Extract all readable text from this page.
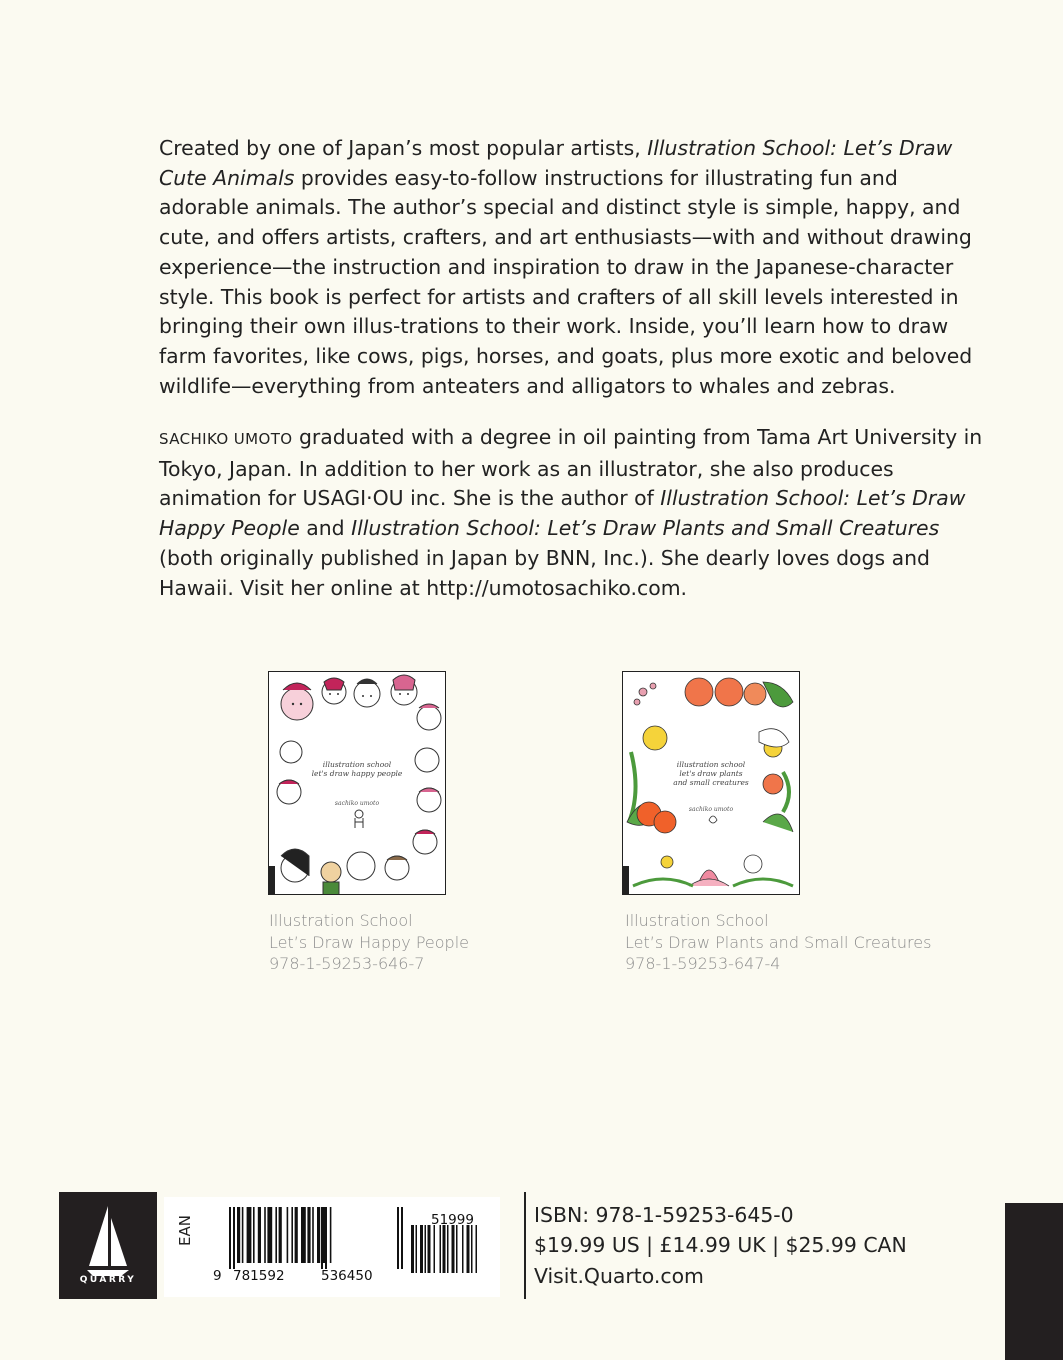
Created by one of Japan’s most popular artists, Illustration School: Let’s Draw Cute Animals provides easy-to-follow instructions for illustrating fun and adorable animals. The author’s special and distinct style is simple, happy, and cute, and offers artists, crafters, and art enthusiasts—with and without drawing experience—the instruction and inspiration to draw in the Japanese-character style. This book is perfect for artists and crafters of all skill levels interested in bringing their own illus-trations to their work. Inside, you’ll learn how to draw farm favorites, like cows, pigs, horses, and goats, plus more exotic and beloved wildlife—everything from anteaters and alligators to whales and zebras.

SACHIKO UMOTO graduated with a degree in oil painting from Tama Art University in Tokyo, Japan. In addition to her work as an illustrator, she also produces animation for USAGI·OU inc. She is the author of Illustration School: Let’s Draw Happy People and Illustration School: Let’s Draw Plants and Small Creatures (both originally published in Japan by BNN, Inc.). She dearly loves dogs and Hawaii. Visit her online at http://umotosachiko.com.

illustration school
let's draw happy people
sachiko umoto
illustration school
let's draw plants
and small creatures
sachiko umoto
Illustration School
Let’s Draw Happy People
978-1-59253-646-7
Illustration School
Let’s Draw Plants and Small Creatures
978-1-59253-647-4
QUARRY
EAN
9 781592	536450
51999	ISBN: 978-1-59253-645-0
$19.99 US | £14.99 UK | $25.99 CAN
Visit.Quarto.com
